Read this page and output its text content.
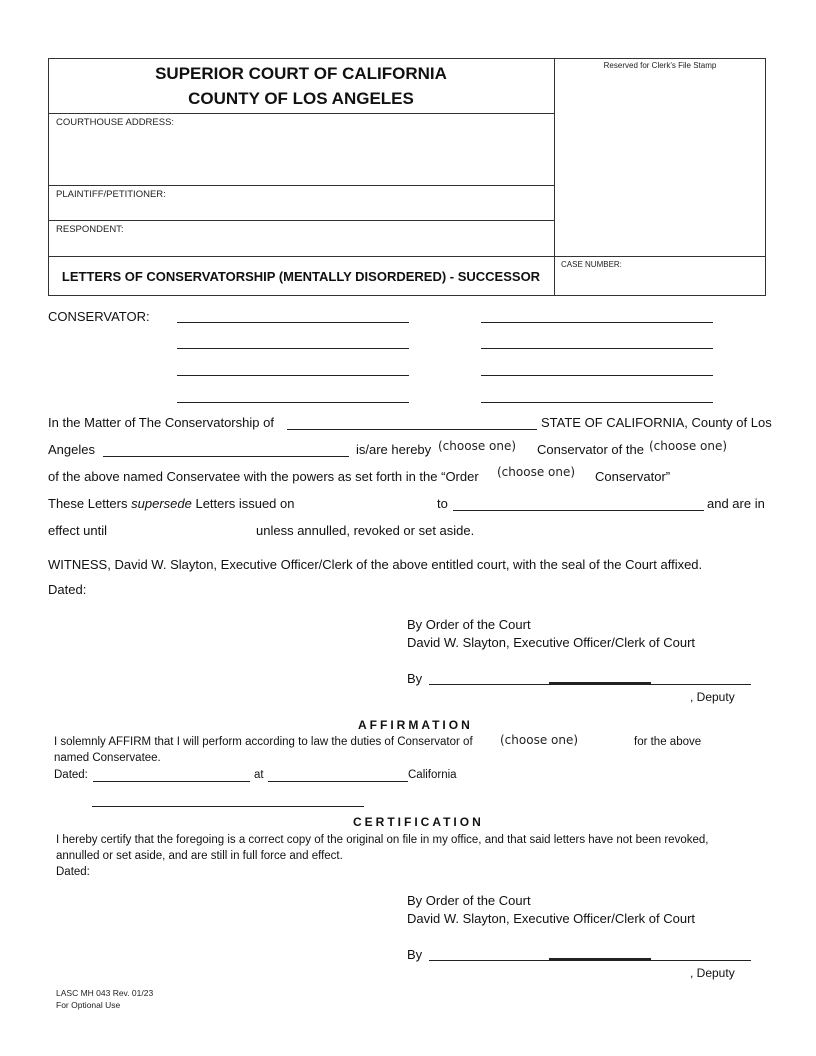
SUPERIOR COURT OF CALIFORNIA
COUNTY OF LOS ANGELES
Reserved for Clerk's File Stamp
COURTHOUSE ADDRESS:
PLAINTIFF/PETITIONER:
RESPONDENT:
LETTERS OF CONSERVATORSHIP (MENTALLY DISORDERED) - SUCCESSOR
CASE NUMBER:
CONSERVATOR:
In the Matter of The Conservatorship of	STATE OF CALIFORNIA, County of Los
Angeles	is/are hereby	Conservator of the
(choose one)	(choose one)
of the above named Conservatee with the powers as set forth in the “Order (choose one) Conservator”
These Letters supersede Letters issued on	to	and are in
effect until	unless annulled, revoked or set aside.
WITNESS, David W. Slayton, Executive Officer/Clerk of the above entitled court, with the seal of the Court affixed.
Dated:
By Order of the Court
David W. Slayton, Executive Officer/Clerk of Court
By
, Deputy
AFFIRMATION
I solemnly AFFIRM that I will perform according to law the duties of Conservator of (choose one)	for the above
named Conservatee.
Dated:	at	California
CERTIFICATION
I hereby certify that the foregoing is a correct copy of the original on file in my office, and that said letters have not been revoked,
annulled or set aside, and are still in full force and effect.
Dated:
By Order of the Court
David W. Slayton, Executive Officer/Clerk of Court
By
, Deputy
LASC MH 043 Rev. 01/23
For Optional Use
